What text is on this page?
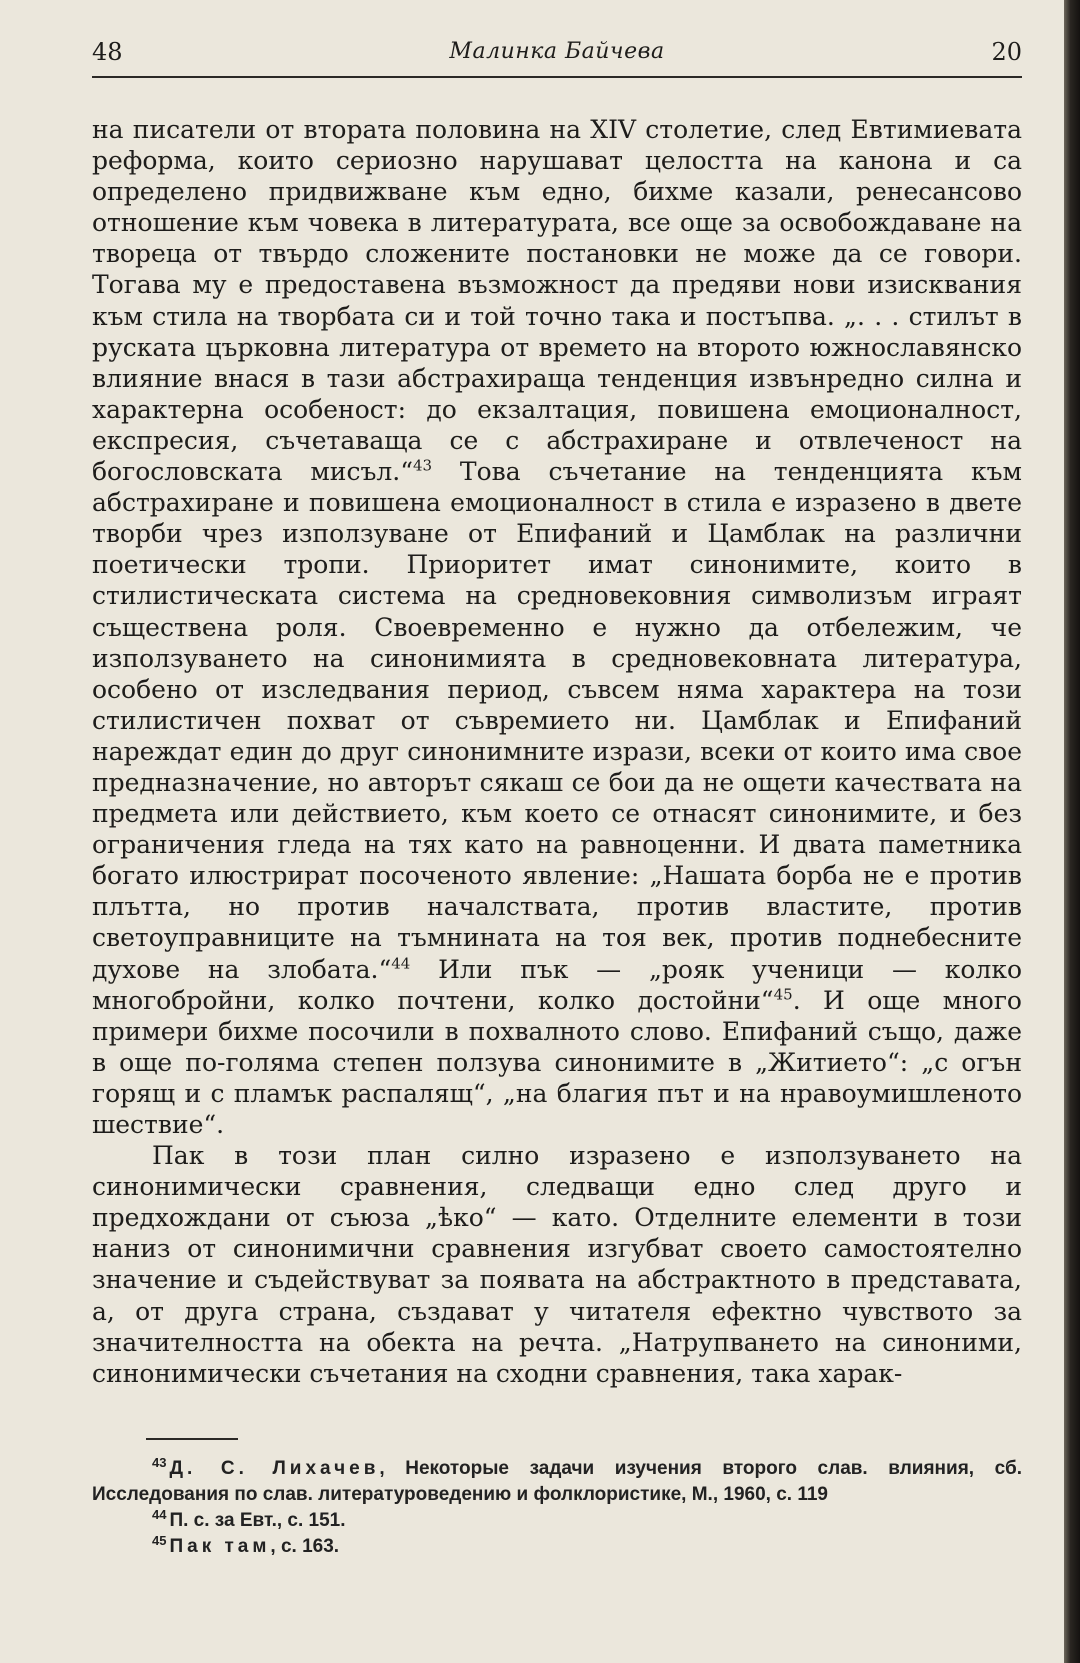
48	Малинка Байчева	20

на писатели от втората половина на XIV столетие, след Евтимиевата реформа, които сериозно нарушават целостта на канона и са определено придвижване към едно, бихме казали, ренесансово отношение към човека в литературата, все още за освобождаване на твореца от твърдо сложените постановки не може да се говори. Тогава му е предоставена възможност да предяви нови изисквания към стила на творбата си и той точно така и постъпва. „. . . стилът в руската църковна литература от времето на второто южнославянско влияние внася в тази абстрахираща тенденция извънредно силна и характерна особеност: до екзалтация, повишена емоционалност, експресия, съчетаваща се с абстрахиране и отвлеченост на богословската мисъл.“$^{43}$ Това съчетание на тенденцията към абстрахиране и повишена емоционалност в стила е изразено в двете творби чрез използуване от Епифаний и Цамблак на различни поетически тропи. Приоритет имат синонимите, които в стилистическата система на средновековния символизъм играят съществена роля. Своевременно е нужно да отбележим, че използуването на синонимията в средновековната литература, особено от изследвания период, съвсем няма характера на този стилистичен похват от съвремието ни. Цамблак и Епифаний нареждат един до друг синонимните изрази, всеки от които има свое предназначение, но авторът сякаш се бои да не ощети качествата на предмета или действието, към което се отнасят синонимите, и без ограничения гледа на тях като на равноценни. И двата паметника богато илюстрират посоченото явление: „Нашата борба не е против плътта, но против началствата, против властите, против светоуправниците на тъмнината на тоя век, против поднебесните духове на злобата.“$^{44}$ Или пък — „рояк ученици — колко многобройни, колко почтени, колко достойни“$^{45}$. И още много примери бихме посочили в похвалното слово. Епифаний също, даже в още по-голяма степен ползува синонимите в „Житието“: „с огън горящ и с пламък распалящ“, „на благия път и на нравоумишленото шествие“.

Пак в този план силно изразено е използуването на синонимически сравнения, следващи едно след друго и предхождани от съюза „ѣко“ — като. Отделните елементи в този наниз от синонимични сравнения изгубват своето самостоятелно значение и съдействуват за появата на абстрактното в представата, а, от друга страна, създават у читателя ефектно чувството за значителността на обекта на речта. „Натрупването на синоними, синонимически съчетания на сходни сравнения, така харак-

$^{43}$ Д. С. Лихачев, Некоторые задачи изучения второго слав. влияния, сб. Исследования по слав. литературоведению и фолклористике, М., 1960, с. 119

$^{44}$ П. с. за Евт., с. 151.

$^{45}$ Пак там, с. 163.
